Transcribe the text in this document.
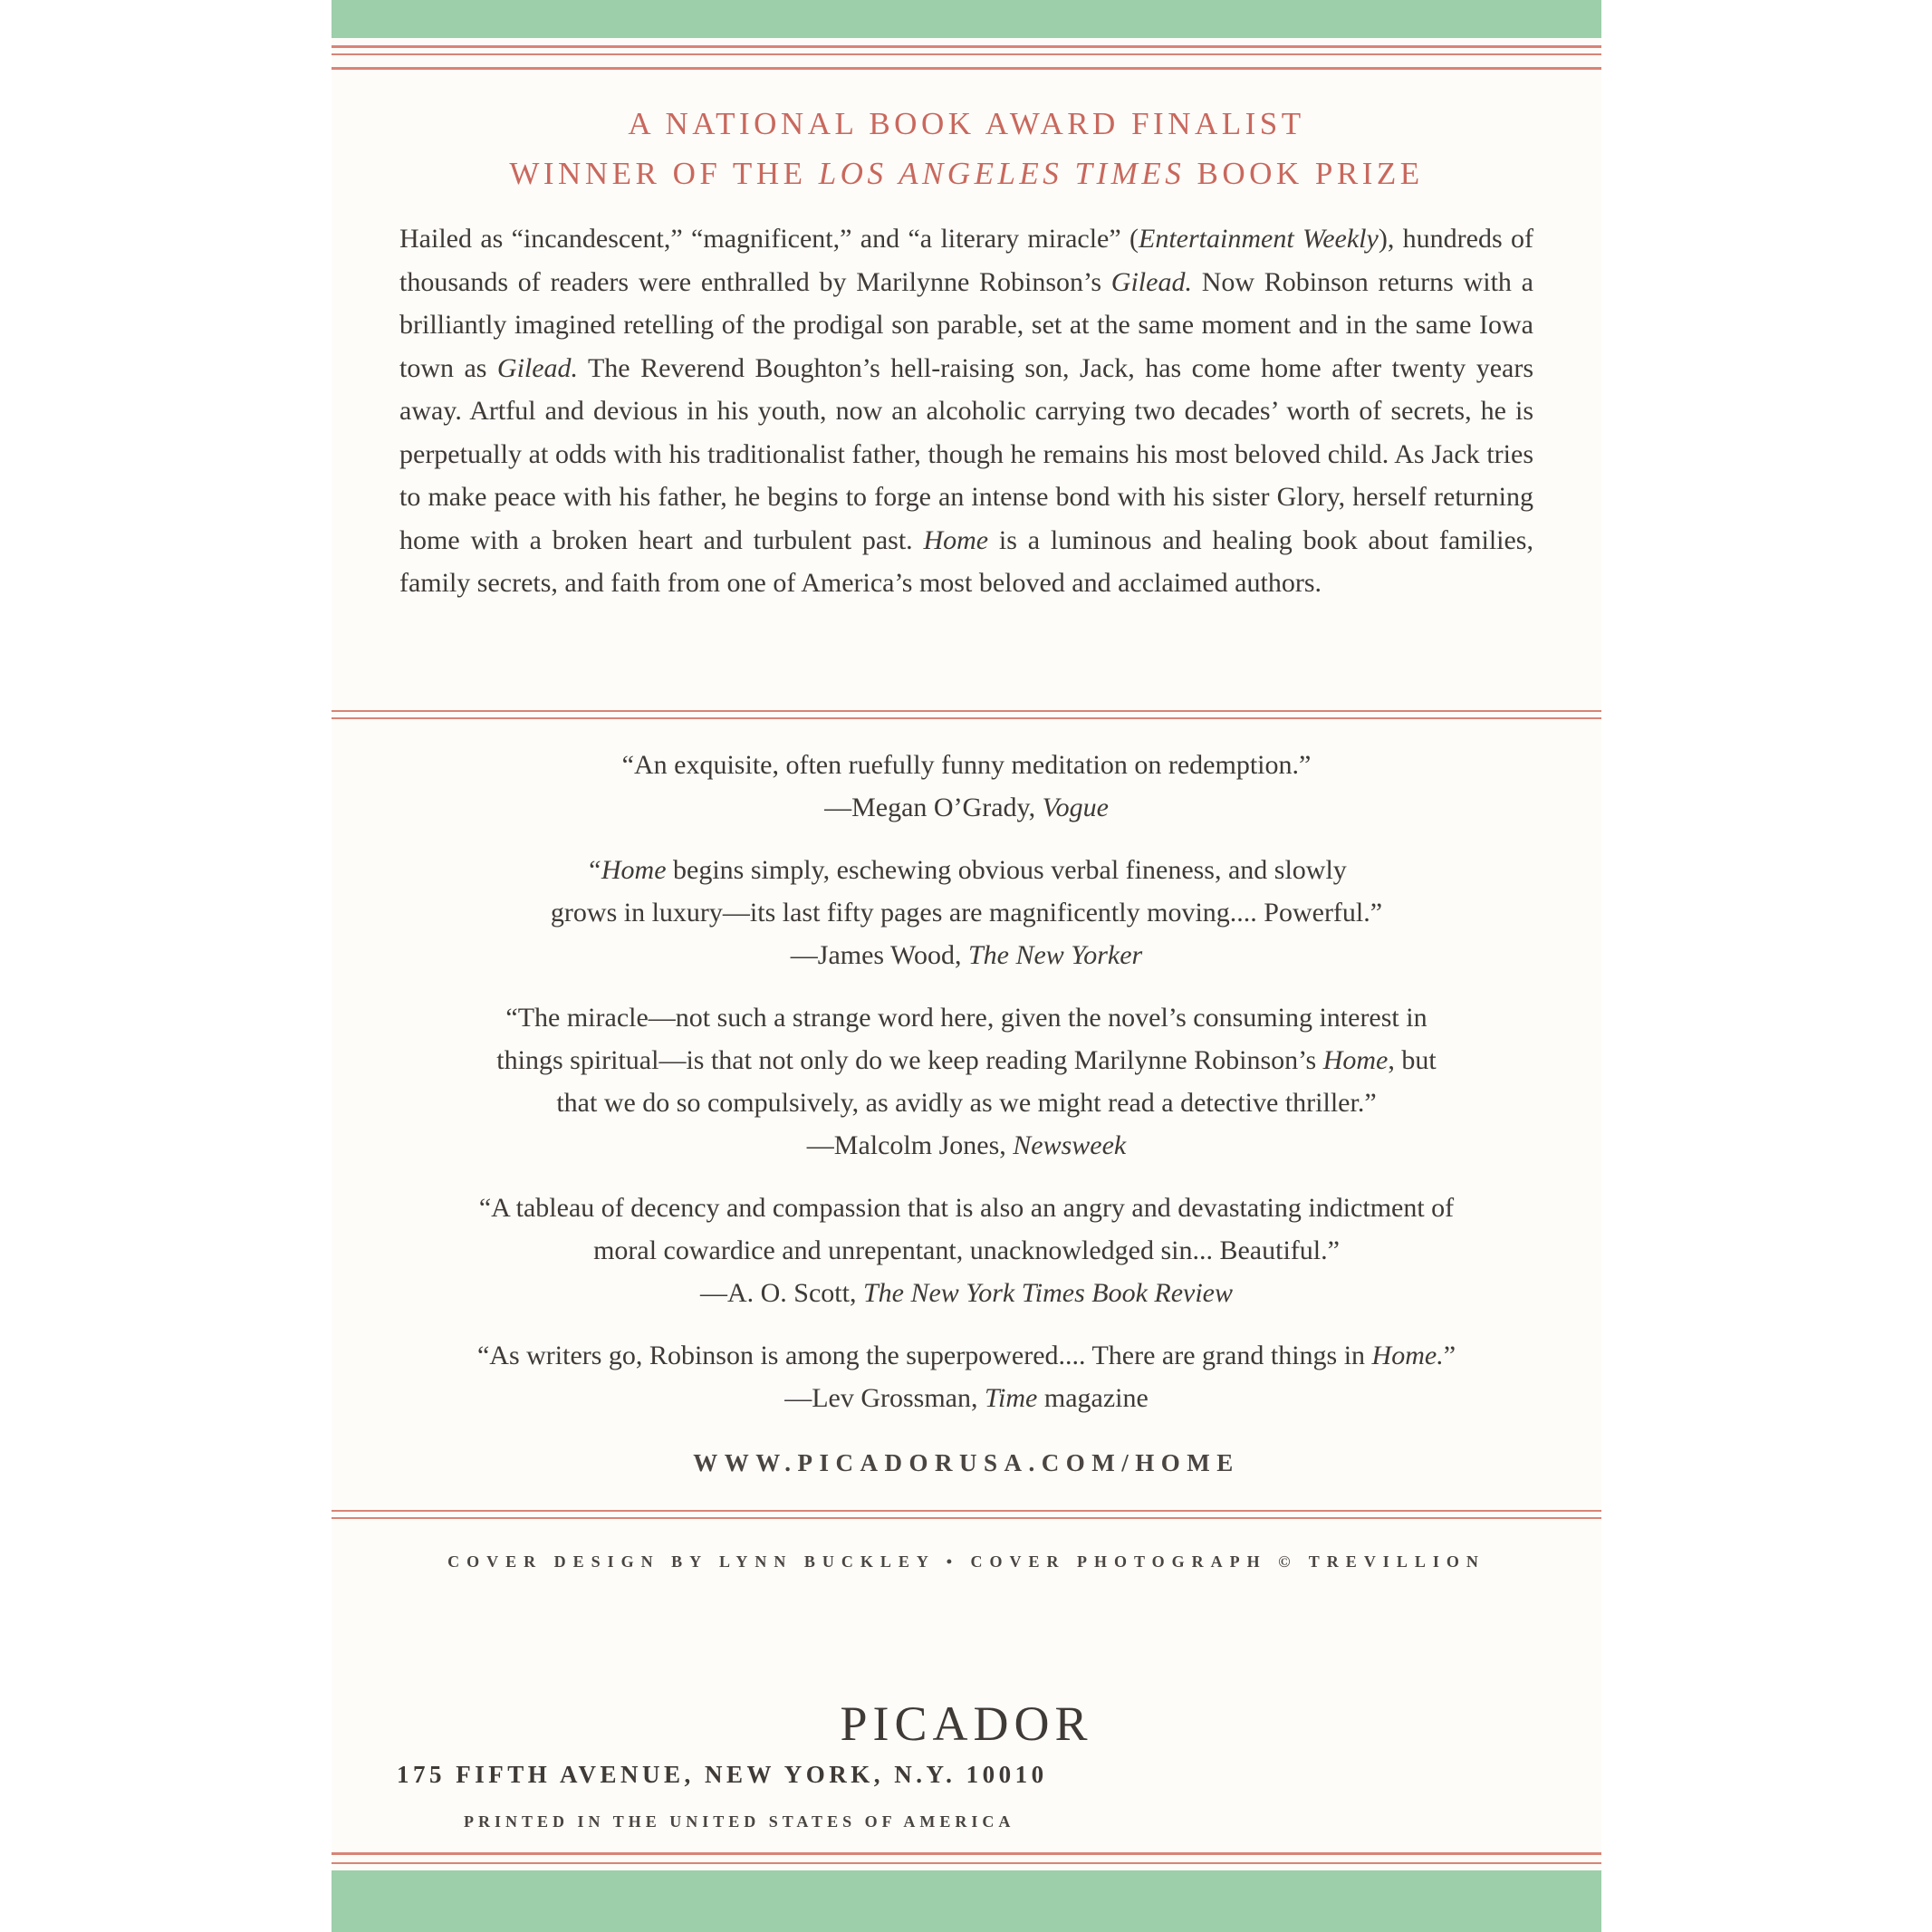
A NATIONAL BOOK AWARD FINALIST
WINNER OF THE LOS ANGELES TIMES BOOK PRIZE
Hailed as “incandescent,” “magnificent,” and “a literary miracle” (Entertainment Weekly), hundreds of thousands of readers were enthralled by Marilynne Robinson’s Gilead. Now Robinson returns with a brilliantly imagined retelling of the prodigal son parable, set at the same moment and in the same Iowa town as Gilead. The Reverend Boughton’s hell-raising son, Jack, has come home after twenty years away. Artful and devious in his youth, now an alcoholic carrying two decades’ worth of secrets, he is perpetually at odds with his traditionalist father, though he remains his most beloved child. As Jack tries to make peace with his father, he begins to forge an intense bond with his sister Glory, herself returning home with a broken heart and turbulent past. Home is a luminous and healing book about families, family secrets, and faith from one of America’s most beloved and acclaimed authors.
“An exquisite, often ruefully funny meditation on redemption.”
—Megan O’Grady, Vogue
“Home begins simply, eschewing obvious verbal fineness, and slowly
grows in luxury—its last fifty pages are magnificently moving.... Powerful.”
—James Wood, The New Yorker
“The miracle—not such a strange word here, given the novel’s consuming interest in
things spiritual—is that not only do we keep reading Marilynne Robinson’s Home, but
that we do so compulsively, as avidly as we might read a detective thriller.”
—Malcolm Jones, Newsweek
“A tableau of decency and compassion that is also an angry and devastating indictment of
moral cowardice and unrepentant, unacknowledged sin... Beautiful.”
—A. O. Scott, The New York Times Book Review
“As writers go, Robinson is among the superpowered.... There are grand things in Home.”
—Lev Grossman, Time magazine
WWW.PICADORUSA.COM/HOME
COVER DESIGN BY LYNN BUCKLEY • COVER PHOTOGRAPH © TREVILLION
PICADOR
175 FIFTH AVENUE, NEW YORK, N.Y. 10010
PRINTED IN THE UNITED STATES OF AMERICA
